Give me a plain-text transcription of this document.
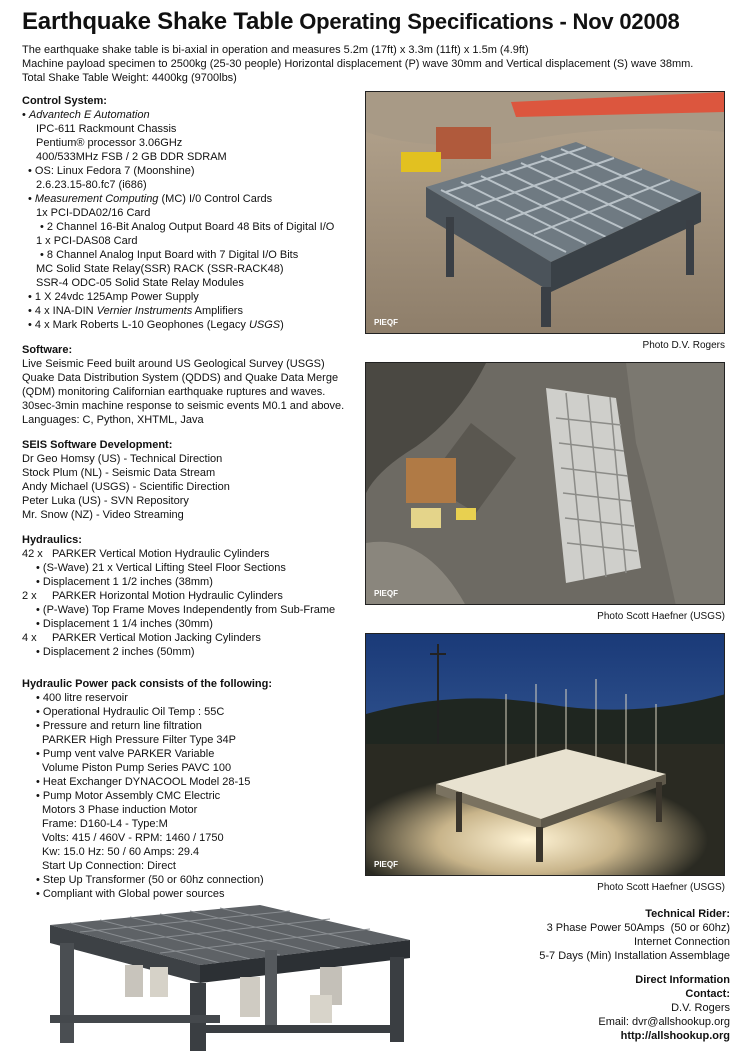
Earthquake Shake Table Operating Specifications - Nov 02008
The earthquake shake table is bi-axial in operation and measures 5.2m (17ft) x 3.3m (11ft) x 1.5m (4.9ft)
Machine payload specimen to 2500kg (25-30 people) Horizontal displacement (P) wave 30mm and Vertical displacement (S) wave 38mm.
Total Shake Table Weight: 4400kg (9700lbs)
Control System:
• Advantech E Automation
IPC-611 Rackmount Chassis
Pentium® processor 3.06GHz
400/533MHz FSB / 2 GB DDR SDRAM
• OS: Linux Fedora 7 (Moonshine)
2.6.23.15-80.fc7 (i686)
• Measurement Computing (MC) I/0 Control Cards
1x PCI-DDA02/16 Card
• 2 Channel 16-Bit Analog Output Board 48 Bits of Digital I/O
1 x PCI-DAS08 Card
• 8 Channel Analog Input Board with 7 Digital I/O Bits
MC Solid State Relay(SSR) RACK (SSR-RACK48)
SSR-4 ODC-05 Solid State Relay Modules
• 1 X 24vdc 125Amp Power Supply
• 4 x INA-DIN Vernier Instruments Amplifiers
• 4 x Mark Roberts L-10 Geophones (Legacy USGS)
Software:
Live Seismic Feed built around US Geological Survey (USGS)
Quake Data Distribution System (QDDS) and Quake Data Merge
(QDM) monitoring Californian earthquake ruptures and waves.
30sec-3min machine response to seismic events M0.1 and above.
Languages: C, Python, XHTML, Java
SEIS Software Development:
Dr Geo Homsy (US) - Technical Direction
Stock Plum (NL) - Seismic Data Stream
Andy Michael (USGS) - Scientific Direction
Peter Luka (US) - SVN Repository
Mr. Snow (NZ) - Video Streaming
Hydraulics:
42 x   PARKER Vertical Motion Hydraulic Cylinders
• (S-Wave) 21 x Vertical Lifting Steel Floor Sections
• Displacement 1 1/2 inches (38mm)
2 x     PARKER Horizontal Motion Hydraulic Cylinders
• (P-Wave) Top Frame Moves Independently from Sub-Frame
• Displacement 1 1/4 inches (30mm)
4 x     PARKER Vertical Motion Jacking Cylinders
• Displacement 2 inches (50mm)
Hydraulic Power pack consists of the following:
• 400 litre reservoir
• Operational Hydraulic Oil Temp : 55C
• Pressure and return line filtration
PARKER High Pressure Filter Type 34P
• Pump vent valve PARKER Variable
Volume Piston Pump Series PAVC 100
• Heat Exchanger DYNACOOL Model 28-15
• Pump Motor Assembly CMC Electric
Motors 3 Phase induction Motor
Frame: D160-L4 - Type:M
Volts: 415 / 460V - RPM: 1460 / 1750
Kw: 15.0 Hz: 50 / 60 Amps: 29.4
Start Up Connection: Direct
• Step Up Transformer (50 or 60hz connection)
• Compliant with Global power sources
PIEQF
Photo D.V. Rogers
PIEQF
Photo Scott Haefner (USGS)
PIEQF
Photo Scott Haefner (USGS)
Technical Rider:
3 Phase Power 50Amps  (50 or 60hz)
Internet Connection
5-7 Days (Min) Installation Assemblage
Direct Information
Contact:
D.V. Rogers
Email: dvr@allshookup.org
http://allshookup.org
